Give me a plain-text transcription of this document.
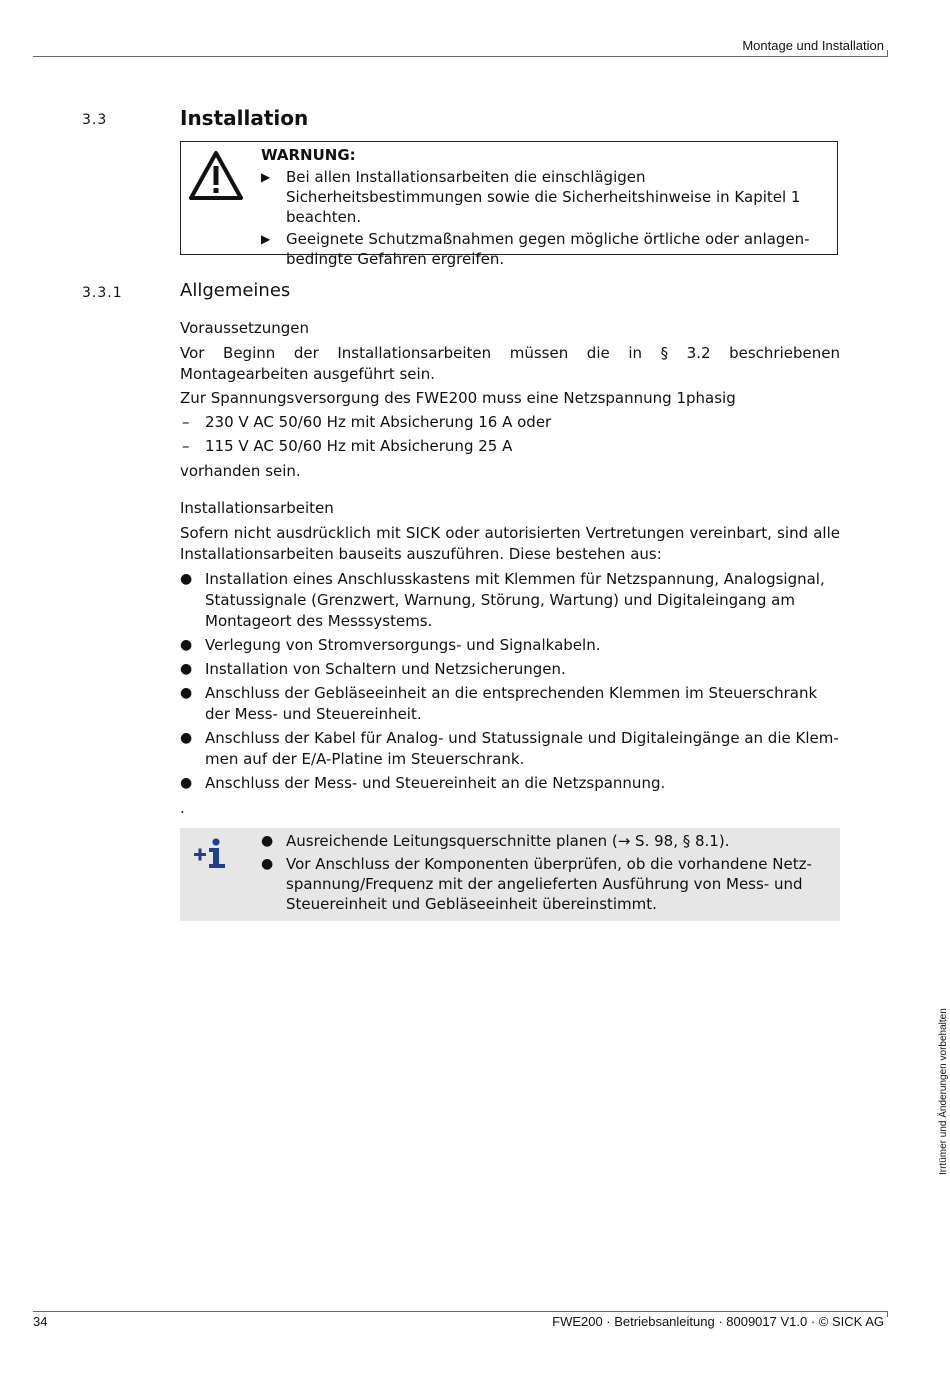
Montage und Installation
3.3	Installation
WARNUNG:
▶ Bei allen Installationsarbeiten die einschlägigen Sicherheitsbestimmungen sowie die Sicherheitshinweise in Kapitel 1 beachten.
▶ Geeignete Schutzmaßnahmen gegen mögliche örtliche oder anlagenbedingte Gefahren ergreifen.
3.3.1	Allgemeines
Voraussetzungen
Vor Beginn der Installationsarbeiten müssen die in § 3.2 beschriebenen Montagearbeiten ausgeführt sein.
Zur Spannungsversorgung des FWE200 muss eine Netzspannung 1phasig
– 230 V AC 50/60 Hz mit Absicherung 16 A oder
– 115 V AC 50/60 Hz mit Absicherung 25 A
vorhanden sein.
Installationsarbeiten
Sofern nicht ausdrücklich mit SICK oder autorisierten Vertretungen vereinbart, sind alle Installationsarbeiten bauseits auszuführen. Diese bestehen aus:
● Installation eines Anschlusskastens mit Klemmen für Netzspannung, Analogsignal, Statussignale (Grenzwert, Warnung, Störung, Wartung) und Digitaleingang am Montageort des Messsystems.
● Verlegung von Stromversorgungs- und Signalkabeln.
● Installation von Schaltern und Netzsicherungen.
● Anschluss der Gebläseeinheit an die entsprechenden Klemmen im Steuerschrank der Mess- und Steuereinheit.
● Anschluss der Kabel für Analog- und Statussignale und Digitaleingänge an die Klemmen auf der E/A-Platine im Steuerschrank.
● Anschluss der Mess- und Steuereinheit an die Netzspannung.
.
● Ausreichende Leitungsquerschnitte planen (→ S. 98, § 8.1).
● Vor Anschluss der Komponenten überprüfen, ob die vorhandene Netzspannung/Frequenz mit der angelieferten Ausführung von Mess- und Steuereinheit und Gebläseeinheit übereinstimmt.
Irrtümer und Änderungen vorbehalten
34	FWE200 · Betriebsanleitung · 8009017 V1.0 · © SICK AG
